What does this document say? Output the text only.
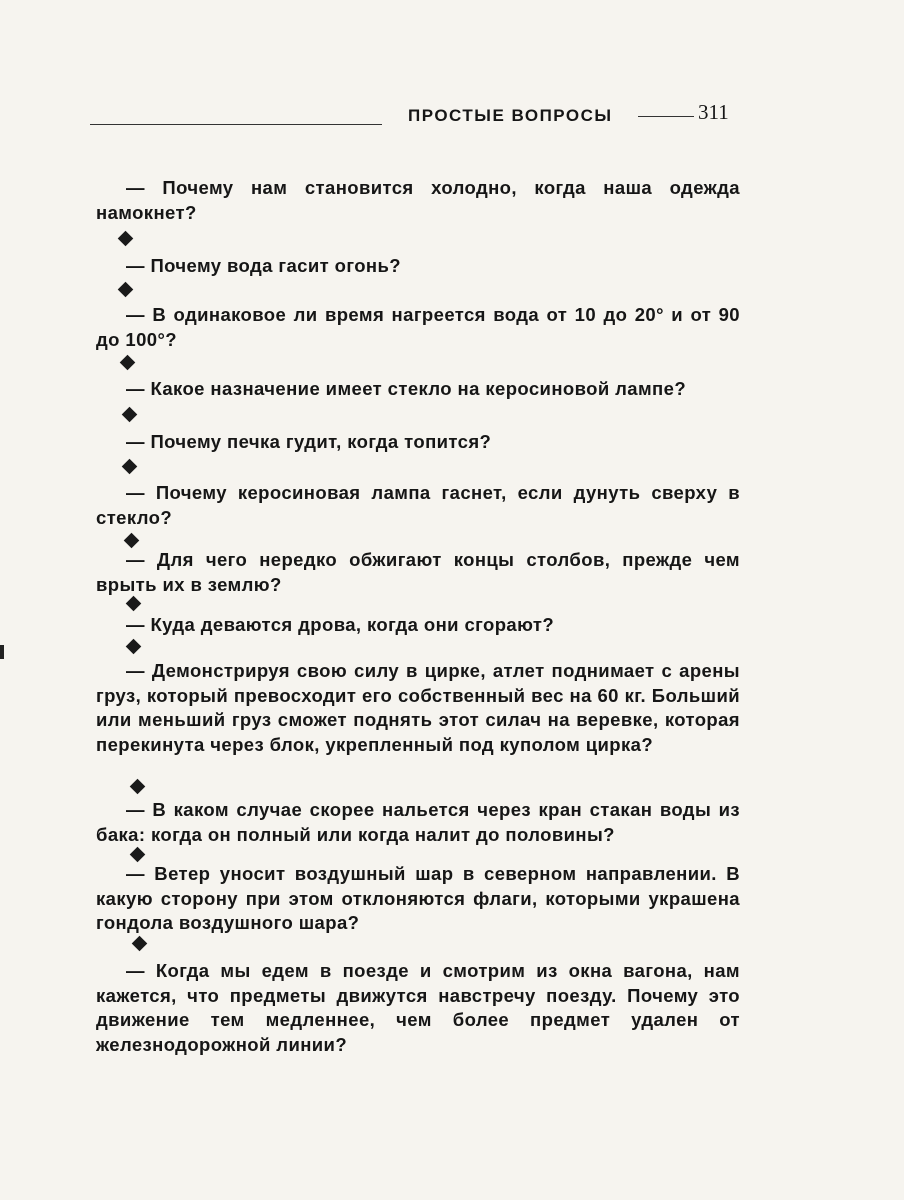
ПРОСТЫЕ ВОПРОСЫ	311

— Почему нам становится холодно, когда наша одежда намокнет?

— Почему вода гасит огонь?

— В одинаковое ли время нагреется вода от 10 до 20° и от 90 до 100°?

— Какое назначение имеет стекло на керосиновой лампе?

— Почему печка гудит, когда топится?

— Почему керосиновая лампа гаснет, если дунуть сверху в стекло?

— Для чего нередко обжигают концы столбов, прежде чем врыть их в землю?

— Куда деваются дрова, когда они сгорают?

— Демонстрируя свою силу в цирке, атлет поднимает с арены груз, который превосходит его собственный вес на 60 кг. Больший или меньший груз сможет поднять этот силач на веревке, которая перекинута через блок, укрепленный под куполом цирка?

— В каком случае скорее нальется через кран стакан воды из бака: когда он полный или когда налит до половины?

— Ветер уносит воздушный шар в северном направлении. В какую сторону при этом отклоняются флаги, которыми украшена гондола воздушного шара?

— Когда мы едем в поезде и смотрим из окна вагона, нам кажется, что предметы движутся навстречу поезду. Почему это движение тем медленнее, чем более предмет удален от железнодорожной линии?
